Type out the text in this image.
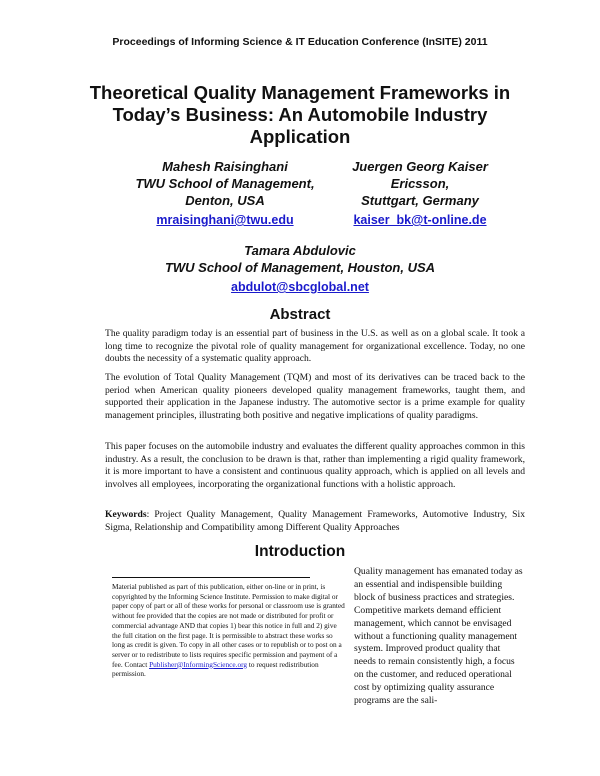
Proceedings of Informing Science & IT Education Conference (InSITE) 2011
Theoretical Quality Management Frameworks in Today’s Business: An Automobile Industry Application
Mahesh Raisinghani
TWU School of Management,
Denton, USA
mraisinghani@twu.edu
Juergen Georg Kaiser
Ericsson,
Stuttgart, Germany
kaiser_bk@t-online.de
Tamara Abdulovic
TWU School of Management, Houston, USA
abdulot@sbcglobal.net
Abstract
The quality paradigm today is an essential part of business in the U.S. as well as on a global scale. It took a long time to recognize the pivotal role of quality management for organizational excellence. Today, no one doubts the necessity of a systematic quality approach.
The evolution of Total Quality Management (TQM) and most of its derivatives can be traced back to the period when American quality pioneers developed quality management frameworks, taught them, and supported their application in the Japanese industry. The automotive sector is a prime example for quality management principles, illustrating both positive and negative implications of quality paradigms.
This paper focuses on the automobile industry and evaluates the different quality approaches common in this industry. As a result, the conclusion to be drawn is that, rather than implementing a rigid quality framework, it is more important to have a consistent and continuous quality approach, which is applied on all levels and involves all employees, incorporating the organizational functions with a holistic approach.
Keywords: Project Quality Management, Quality Management Frameworks, Automotive Industry, Six Sigma, Relationship and Compatibility among Different Quality Approaches
Introduction
Material published as part of this publication, either on-line or in print, is copyrighted by the Informing Science Institute. Permission to make digital or paper copy of part or all of these works for personal or classroom use is granted without fee provided that the copies are not made or distributed for profit or commercial advantage AND that copies 1) bear this notice in full and 2) give the full citation on the first page. It is permissible to abstract these works so long as credit is given. To copy in all other cases or to republish or to post on a server or to redistribute to lists requires specific permission and payment of a fee. Contact Publisher@InformingScience.org to request redistribution permission.
Quality management has emanated today as an essential and indispensible building block of business practices and strategies. Competitive markets demand efficient management, which cannot be envisaged without a functioning quality management system. Improved product quality that needs to remain consistently high, a focus on the customer, and reduced operational cost by optimizing quality assurance programs are the sali-
